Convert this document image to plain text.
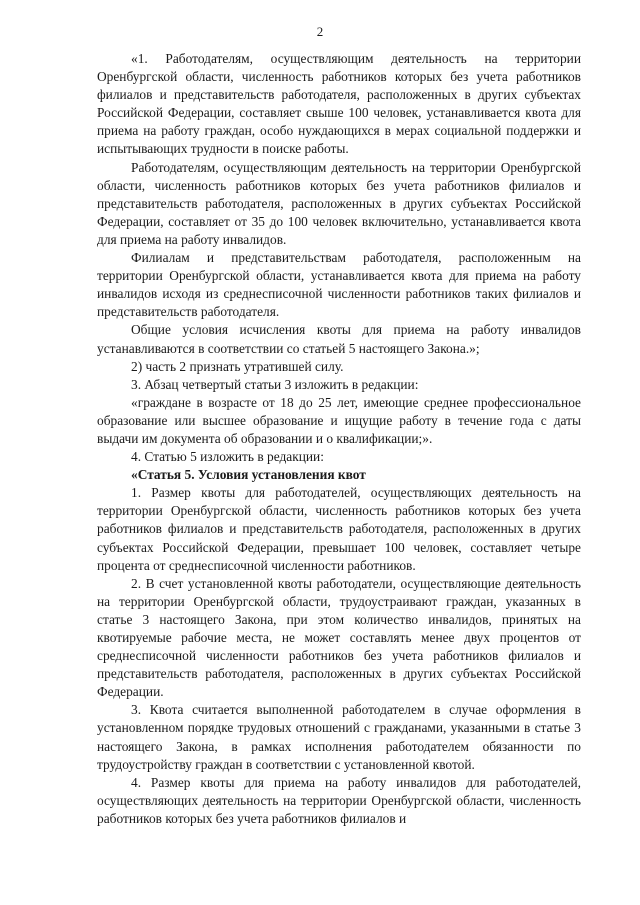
2

«1. Работодателям, осуществляющим деятельность на территории Оренбургской области, численность работников которых без учета работников филиалов и представительств работодателя, расположенных в других субъектах Российской Федерации, составляет свыше 100 человек, устанавливается квота для приема на работу граждан, особо нуждающихся в мерах социальной поддержки и испытывающих трудности в поиске работы.

Работодателям, осуществляющим деятельность на территории Оренбургской области, численность работников которых без учета работников филиалов и представительств работодателя, расположенных в других субъектах Российской Федерации, составляет от 35 до 100 человек включительно, устанавливается квота для приема на работу инвалидов.

Филиалам и представительствам работодателя, расположенным на территории Оренбургской области, устанавливается квота для приема на работу инвалидов исходя из среднесписочной численности работников таких филиалов и представительств работодателя.

Общие условия исчисления квоты для приема на работу инвалидов устанавливаются в соответствии со статьей 5 настоящего Закона.»;

2) часть 2 признать утратившей силу.

3. Абзац четвертый статьи 3 изложить в редакции:

«граждане в возрасте от 18 до 25 лет, имеющие среднее профессиональное образование или высшее образование и ищущие работу в течение года с даты выдачи им документа об образовании и о квалификации;».

4. Статью 5 изложить в редакции:

«Статья 5. Условия установления квот

1. Размер квоты для работодателей, осуществляющих деятельность на территории Оренбургской области, численность работников которых без учета работников филиалов и представительств работодателя, расположенных в других субъектах Российской Федерации, превышает 100 человек, составляет четыре процента от среднесписочной численности работников.

2. В счет установленной квоты работодатели, осуществляющие деятельность на территории Оренбургской области, трудоустраивают граждан, указанных в статье 3 настоящего Закона, при этом количество инвалидов, принятых на квотируемые рабочие места, не может составлять менее двух процентов от среднесписочной численности работников без учета работников филиалов и представительств работодателя, расположенных в других субъектах Российской Федерации.

3. Квота считается выполненной работодателем в случае оформления в установленном порядке трудовых отношений с гражданами, указанными в статье 3 настоящего Закона, в рамках исполнения работодателем обязанности по трудоустройству граждан в соответствии с установленной квотой.

4. Размер квоты для приема на работу инвалидов для работодателей, осуществляющих деятельность на территории Оренбургской области, численность работников которых без учета работников филиалов и
